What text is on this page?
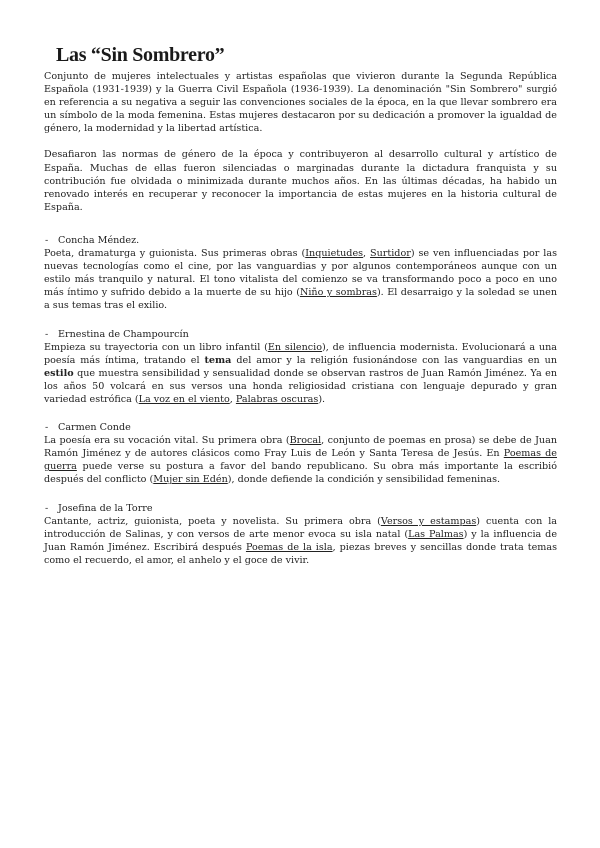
Las “Sin Sombrero”

Conjunto de mujeres intelectuales y artistas españolas que vivieron durante la Segunda República Española (1931-1939) y la Guerra Civil Española (1936-1939). La denominación "Sin Sombrero" surgió en referencia a su negativa a seguir las convenciones sociales de la época, en la que llevar sombrero era un símbolo de la moda femenina. Estas mujeres destacaron por su dedicación a promover la igualdad de género, la modernidad y la libertad artística.

Desafiaron las normas de género de la época y contribuyeron al desarrollo cultural y artístico de España. Muchas de ellas fueron silenciadas o marginadas durante la dictadura franquista y su contribución fue olvidada o minimizada durante muchos años. En las últimas décadas, ha habido un renovado interés en recuperar y reconocer la importancia de estas mujeres en la historia cultural de España.

- Concha Méndez.

Poeta, dramaturga y guionista. Sus primeras obras (Inquietudes, Surtidor) se ven influenciadas por las nuevas tecnologías como el cine, por las vanguardias y por algunos contemporáneos aunque con un estilo más tranquilo y natural. El tono vitalista del comienzo se va transformando poco a poco en uno más íntimo y sufrido debido a la muerte de su hijo (Niño y sombras). El desarraigo y la soledad se unen a sus temas tras el exilio.

- Ernestina de Champourcín

Empieza su trayectoria con un libro infantil (En silencio), de influencia modernista. Evolucionará a una poesía más íntima, tratando el tema del amor y la religión fusionándose con las vanguardias en un estilo que muestra sensibilidad y sensualidad donde se observan rastros de Juan Ramón Jiménez. Ya en los años 50 volcará en sus versos una honda religiosidad cristiana con lenguaje depurado y gran variedad estrófica (La voz en el viento, Palabras oscuras).

- Carmen Conde

La poesía era su vocación vital. Su primera obra (Brocal, conjunto de poemas en prosa) se debe de Juan Ramón Jiménez y de autores clásicos como Fray Luis de León y Santa Teresa de Jesús. En Poemas de guerra puede verse su postura a favor del bando republicano. Su obra más importante la escribió después del conflicto (Mujer sin Edén), donde defiende la condición y sensibilidad femeninas.

- Josefina de la Torre

Cantante, actriz, guionista, poeta y novelista. Su primera obra (Versos y estampas) cuenta con la introducción de Salinas, y con versos de arte menor evoca su isla natal (Las Palmas) y la influencia de Juan Ramón Jiménez. Escribirá después Poemas de la isla, piezas breves y sencillas donde trata temas como el recuerdo, el amor, el anhelo y el goce de vivir.
